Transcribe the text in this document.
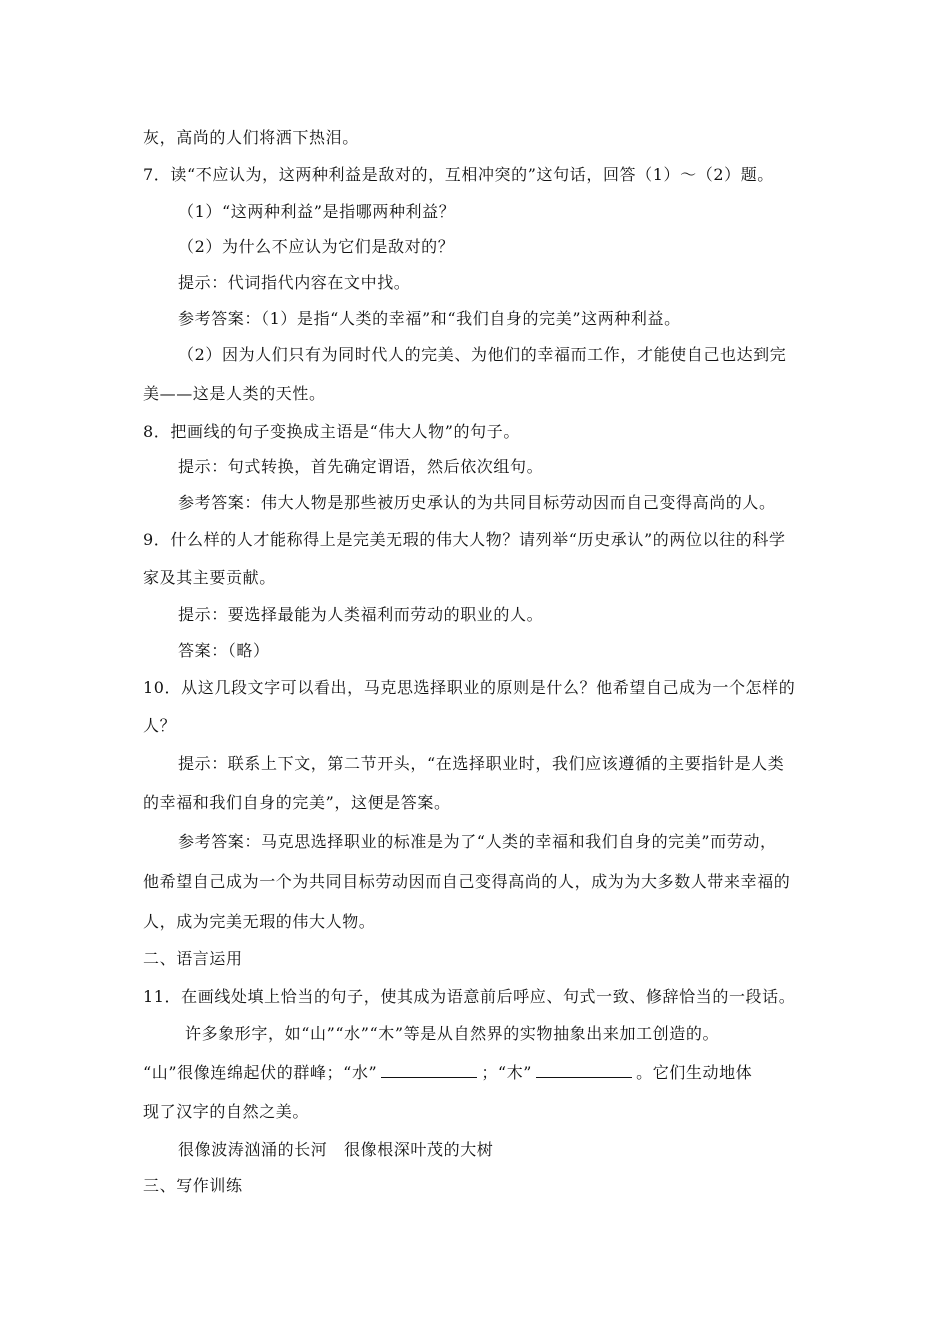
灰，高尚的人们将洒下热泪。
7．读“不应认为，这两种利益是敌对的，互相冲突的”这句话，回答（1）～（2）题。
（1）“这两种利益”是指哪两种利益？
（2）为什么不应认为它们是敌对的？
提示：代词指代内容在文中找。
参考答案：（1）是指“人类的幸福”和“我们自身的完美”这两种利益。
（2）因为人们只有为同时代人的完美、为他们的幸福而工作，才能使自己也达到完
美——这是人类的天性。
8．把画线的句子变换成主语是“伟大人物”的句子。
提示：句式转换，首先确定谓语，然后依次组句。
参考答案：伟大人物是那些被历史承认的为共同目标劳动因而自己变得高尚的人。
9．什么样的人才能称得上是完美无瑕的伟大人物？请列举“历史承认”的两位以往的科学
家及其主要贡献。
提示：要选择最能为人类福利而劳动的职业的人。
答案：（略）
10．从这几段文字可以看出，马克思选择职业的原则是什么？他希望自己成为一个怎样的
人？
提示：联系上下文，第二节开头，“在选择职业时，我们应该遵循的主要指针是人类
的幸福和我们自身的完美”，这便是答案。
参考答案：马克思选择职业的标准是为了“人类的幸福和我们自身的完美”而劳动，
他希望自己成为一个为共同目标劳动因而自己变得高尚的人，成为为大多数人带来幸福的
人，成为完美无瑕的伟大人物。
二、语言运用
11．在画线处填上恰当的句子，使其成为语意前后呼应、句式一致、修辞恰当的一段话。
许多象形字，如“山”“水”“木”等是从自然界的实物抽象出来加工创造的。
“山”很像连绵起伏的群峰；“水”	；“木”	。它们生动地体
现了汉字的自然之美。
很像波涛汹涌的长河　很像根深叶茂的大树
三、写作训练
